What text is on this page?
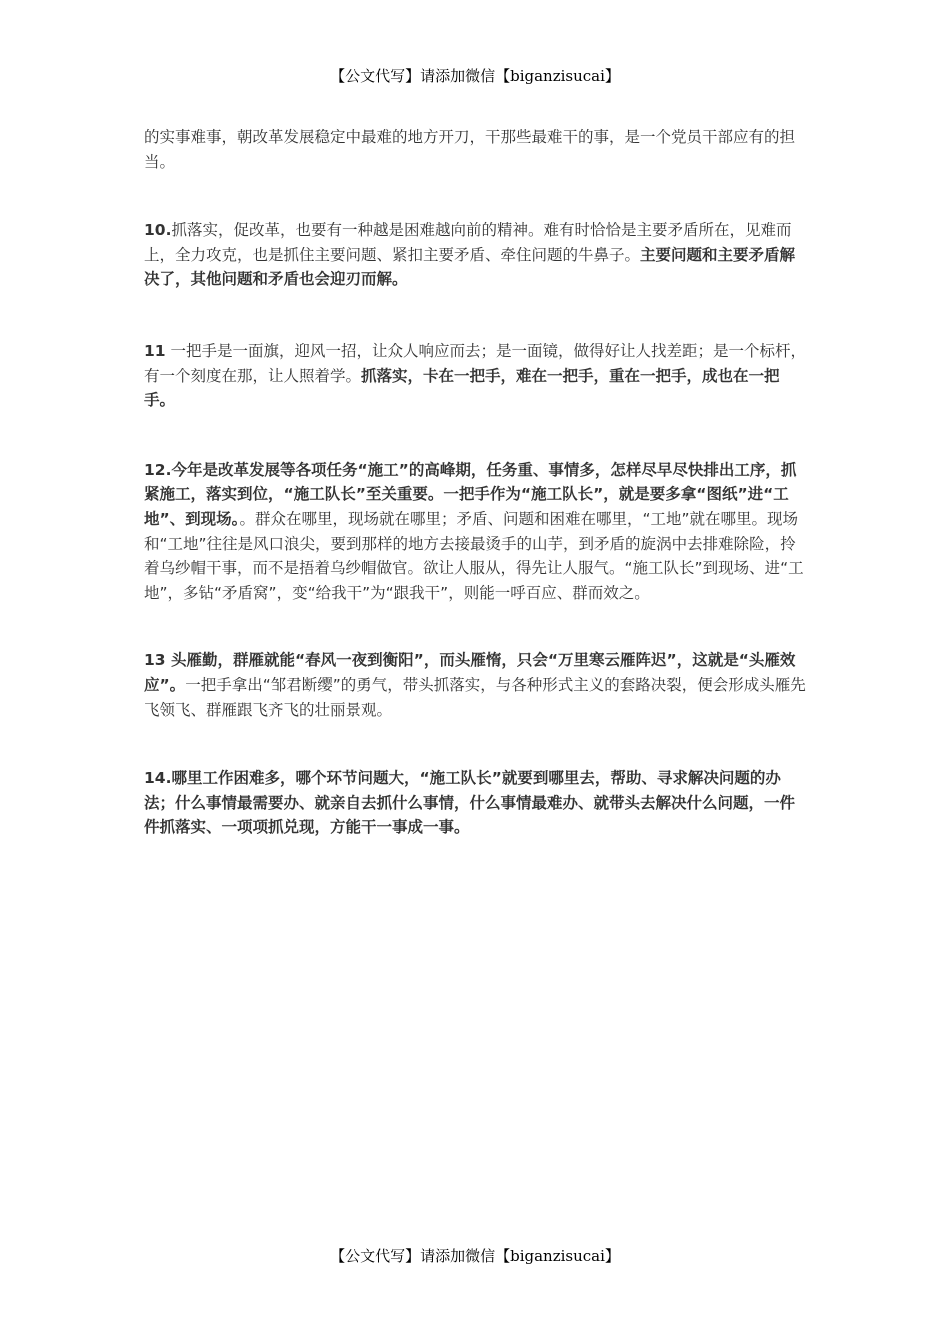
【公文代写】请添加微信【biganzisucai】

的实事难事，朝改革发展稳定中最难的地方开刀，干那些最难干的事，是一个党员干部应有的担当。

10.抓落实，促改革，也要有一种越是困难越向前的精神。难有时恰恰是主要矛盾所在，见难而上，全力攻克，也是抓住主要问题、紧扣主要矛盾、牵住问题的牛鼻子。主要问题和主要矛盾解决了，其他问题和矛盾也会迎刃而解。

11 一把手是一面旗，迎风一招，让众人响应而去；是一面镜，做得好让人找差距；是一个标杆，有一个刻度在那，让人照着学。抓落实，卡在一把手，难在一把手，重在一把手，成也在一把手。

12.今年是改革发展等各项任务“施工”的高峰期，任务重、事情多，怎样尽早尽快排出工序，抓紧施工，落实到位，“施工队长”至关重要。一把手作为“施工队长”，就是要多拿“图纸”进“工地”、到现场。。群众在哪里，现场就在哪里；矛盾、问题和困难在哪里，“工地”就在哪里。现场和“工地”往往是风口浪尖，要到那样的地方去接最烫手的山芋，到矛盾的旋涡中去排难除险，拎着乌纱帽干事，而不是捂着乌纱帽做官。欲让人服从，得先让人服气。“施工队长”到现场、进“工地”，多钻“矛盾窝”，变“给我干”为“跟我干”，则能一呼百应、群而效之。

13 头雁勤，群雁就能“春风一夜到衡阳”，而头雁惰，只会“万里寒云雁阵迟”，这就是“头雁效应”。一把手拿出“邹君断缨”的勇气，带头抓落实，与各种形式主义的套路决裂，便会形成头雁先飞领飞、群雁跟飞齐飞的壮丽景观。

14.哪里工作困难多，哪个环节问题大，“施工队长”就要到哪里去，帮助、寻求解决问题的办法；什么事情最需要办、就亲自去抓什么事情，什么事情最难办、就带头去解决什么问题，一件件抓落实、一项项抓兑现，方能干一事成一事。

【公文代写】请添加微信【biganzisucai】
